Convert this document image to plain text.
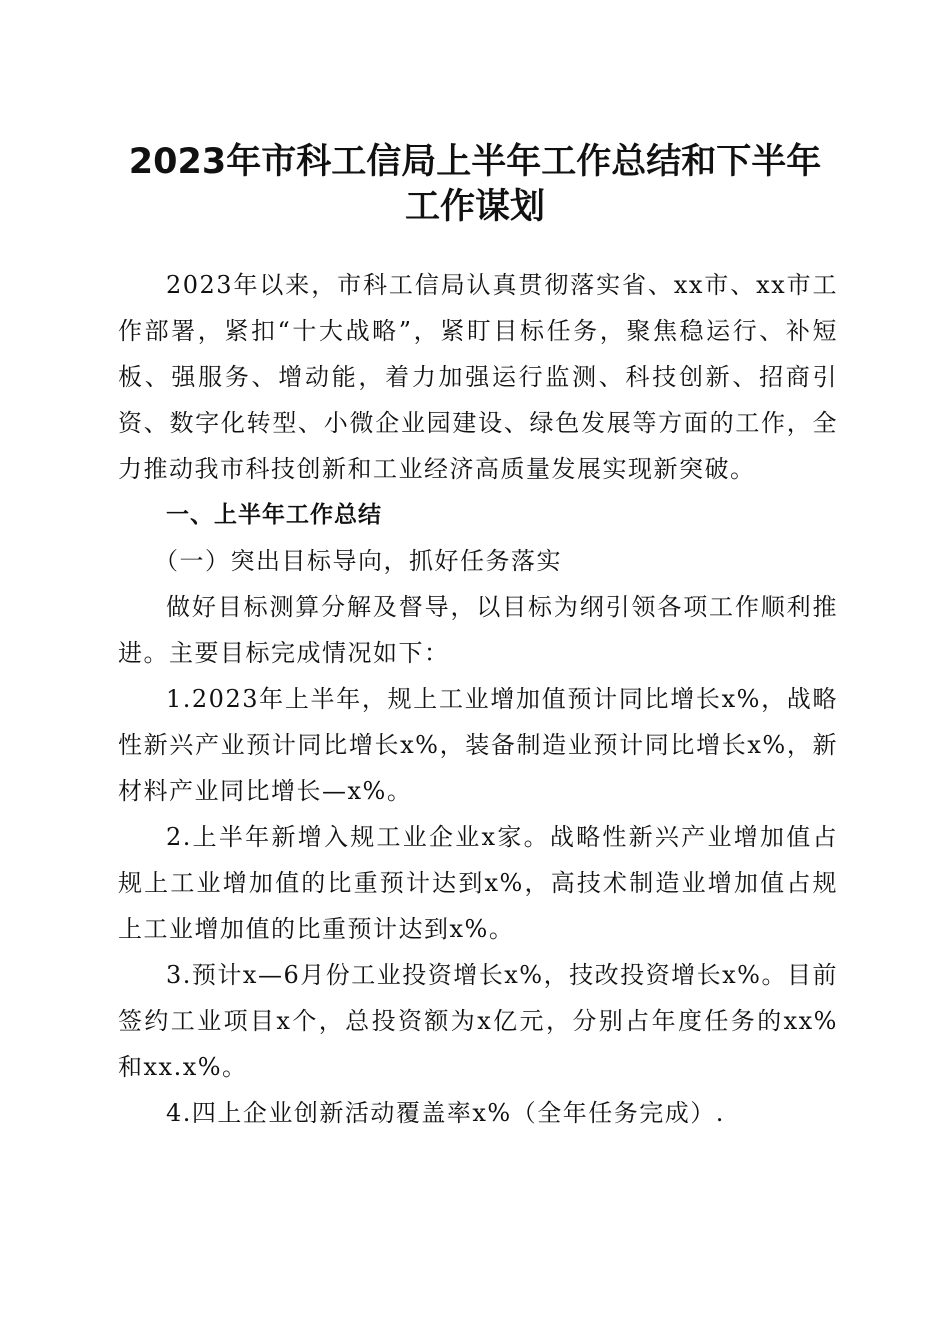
2023年市科工信局上半年工作总结和下半年
工作谋划

2023年以来，市科工信局认真贯彻落实省、xx市、xx市工作部署，紧扣“十大战略”，紧盯目标任务，聚焦稳运行、补短板、强服务、增动能，着力加强运行监测、科技创新、招商引资、数字化转型、小微企业园建设、绿色发展等方面的工作，全力推动我市科技创新和工业经济高质量发展实现新突破。

一、上半年工作总结

（一）突出目标导向，抓好任务落实

做好目标测算分解及督导，以目标为纲引领各项工作顺利推进。主要目标完成情况如下：

1.2023年上半年，规上工业增加值预计同比增长x%，战略性新兴产业预计同比增长x%，装备制造业预计同比增长x%，新材料产业同比增长—x%。

2.上半年新增入规工业企业x家。战略性新兴产业增加值占规上工业增加值的比重预计达到x%，高技术制造业增加值占规上工业增加值的比重预计达到x%。

3.预计x—6月份工业投资增长x%，技改投资增长x%。目前签约工业项目x个，总投资额为x亿元，分别占年度任务的xx%和xx.x%。

4.四上企业创新活动覆盖率x%（全年任务完成）.
